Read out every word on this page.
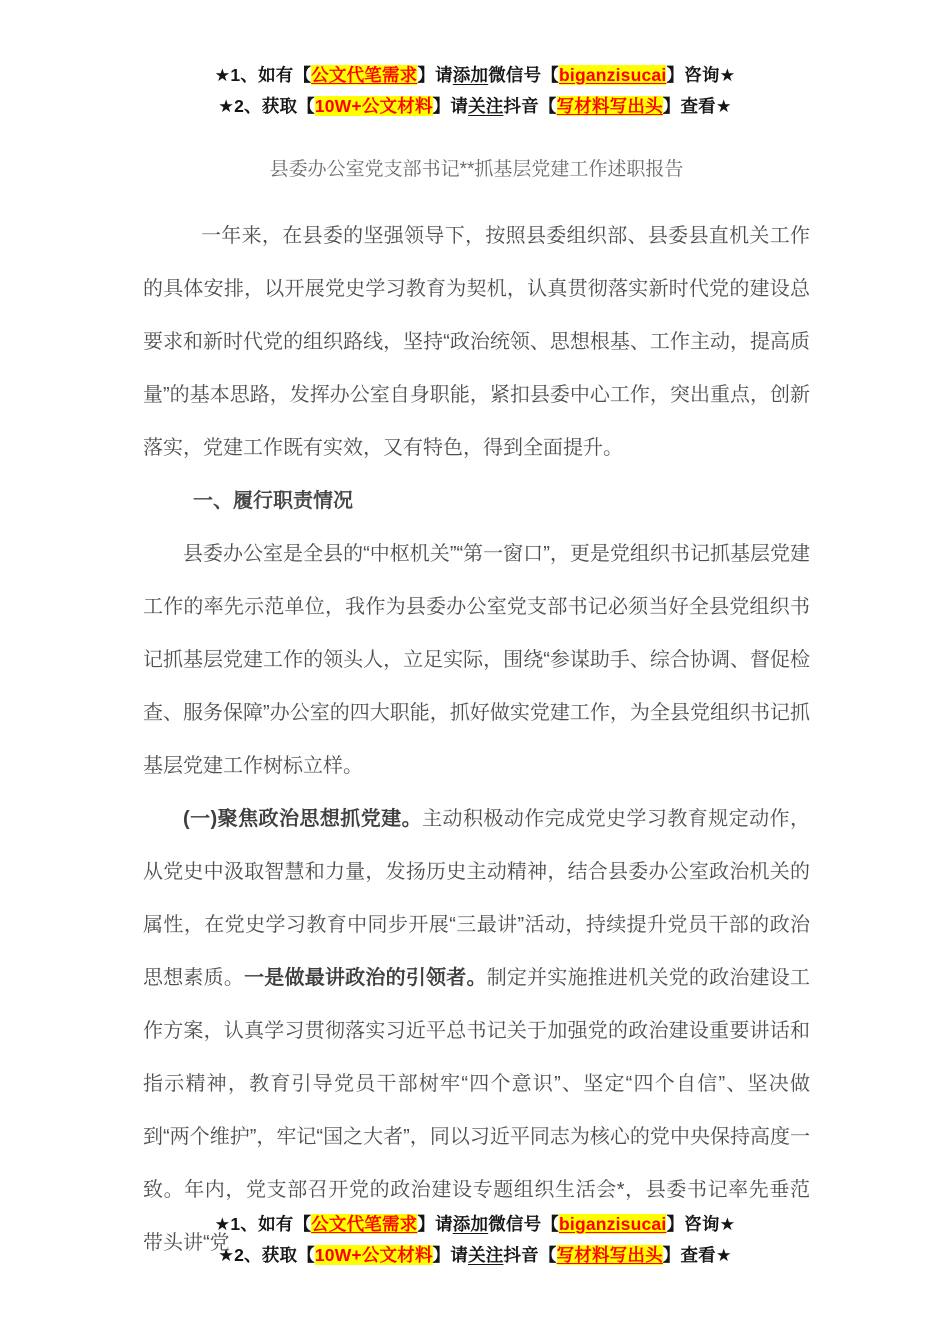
★1、如有【公文代笔需求】请添加微信号【biganzisucai】咨询★
★2、获取【10W+公文材料】请关注抖音【写材料写出头】查看★
县委办公室党支部书记**抓基层党建工作述职报告

一年来，在县委的坚强领导下，按照县委组织部、县委县直机关工作的具体安排，以开展党史学习教育为契机，认真贯彻落实新时代党的建设总要求和新时代党的组织路线，坚持“政治统领、思想根基、工作主动，提高质量”的基本思路，发挥办公室自身职能，紧扣县委中心工作，突出重点，创新落实，党建工作既有实效，又有特色，得到全面提升。

一、履行职责情况

县委办公室是全县的“中枢机关”“第一窗口”，更是党组织书记抓基层党建工作的率先示范单位，我作为县委办公室党支部书记必须当好全县党组织书记抓基层党建工作的领头人，立足实际，围绕“参谋助手、综合协调、督促检查、服务保障”办公室的四大职能，抓好做实党建工作，为全县党组织书记抓基层党建工作树标立样。

(一)聚焦政治思想抓党建。主动积极动作完成党史学习教育规定动作，从党史中汲取智慧和力量，发扬历史主动精神，结合县委办公室政治机关的属性，在党史学习教育中同步开展“三最讲”活动，持续提升党员干部的政治思想素质。一是做最讲政治的引领者。制定并实施推进机关党的政治建设工作方案，认真学习贯彻落实习近平总书记关于加强党的政治建设重要讲话和指示精神，教育引导党员干部树牢“四个意识”、坚定“四个自信”、坚决做到“两个维护”，牢记“国之大者”，同以习近平同志为核心的党中央保持高度一致。年内，党支部召开党的政治建设专题组织生活会*，县委书记率先垂范带头讲“党

★1、如有【公文代笔需求】请添加微信号【biganzisucai】咨询★
★2、获取【10W+公文材料】请关注抖音【写材料写出头】查看★
